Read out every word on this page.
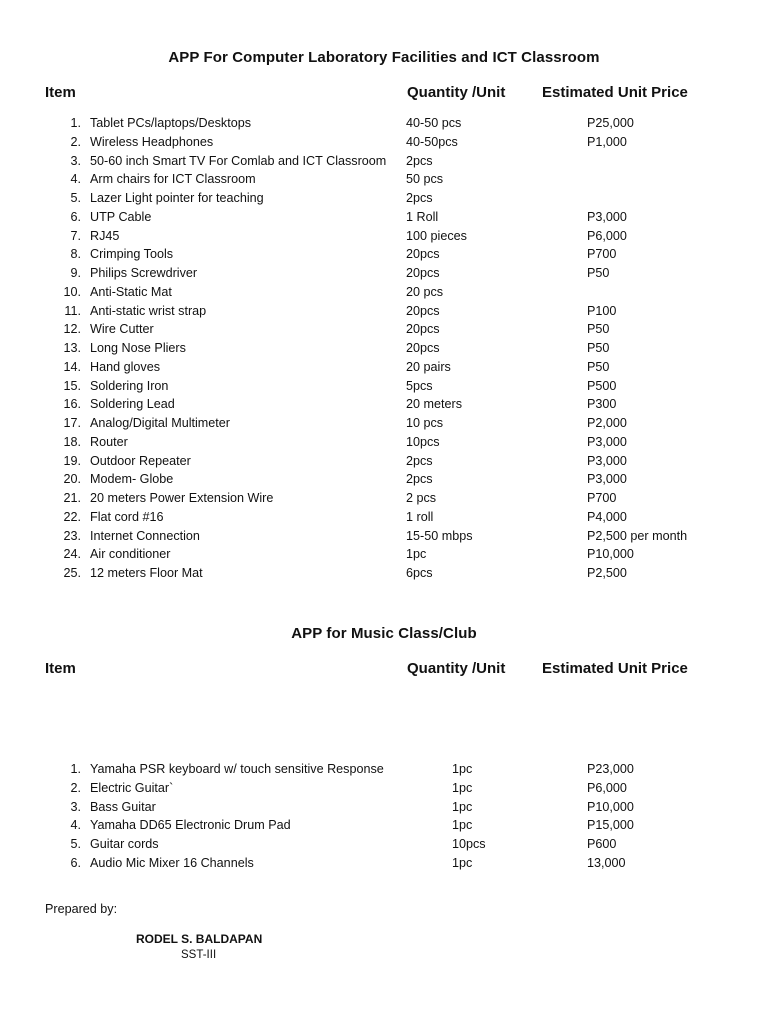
APP For Computer Laboratory Facilities and ICT Classroom
Item	Quantity /Unit Estimated Unit Price
1. Tablet PCs/laptops/Desktops	40-50 pcs	P25,000
2. Wireless Headphones	40-50pcs	P1,000
3. 50-60 inch Smart TV For Comlab and ICT Classroom 2pcs
4. Arm chairs for ICT Classroom	50 pcs
5. Lazer Light pointer for teaching	2pcs
6. UTP Cable	1 Roll	P3,000
7. RJ45	100 pieces	P6,000
8. Crimping Tools	20pcs	P700
9. Philips Screwdriver	20pcs	P50
10. Anti-Static Mat	20 pcs
11. Anti-static wrist strap	20pcs	P100
12. Wire Cutter	20pcs	P50
13. Long Nose Pliers	20pcs	P50
14. Hand gloves	20 pairs	P50
15. Soldering Iron	5pcs	P500
16. Soldering Lead	20 meters	P300
17. Analog/Digital Multimeter	10 pcs	P2,000
18. Router	10pcs	P3,000
19. Outdoor Repeater	2pcs	P3,000
20. Modem- Globe	2pcs	P3,000
21. 20 meters Power Extension Wire	2 pcs	P700
22. Flat cord #16	1 roll	P4,000
23. Internet Connection	15-50 mbps	P2,500 per month
24. Air conditioner	1pc	P10,000
25. 12 meters Floor Mat	6pcs	P2,500
APP for Music Class/Club
Item	Quantity /Unit Estimated Unit Price
1. Yamaha PSR keyboard w/ touch sensitive Response	1pc	P23,000
2. Electric Guitar`	1pc	P6,000
3. Bass Guitar	1pc	P10,000
4. Yamaha DD65 Electronic Drum Pad	1pc	P15,000
5. Guitar cords	10pcs	P600
6. Audio Mic Mixer 16 Channels	1pc	13,000
Prepared by:
RODEL S. BALDAPAN
SST-III
